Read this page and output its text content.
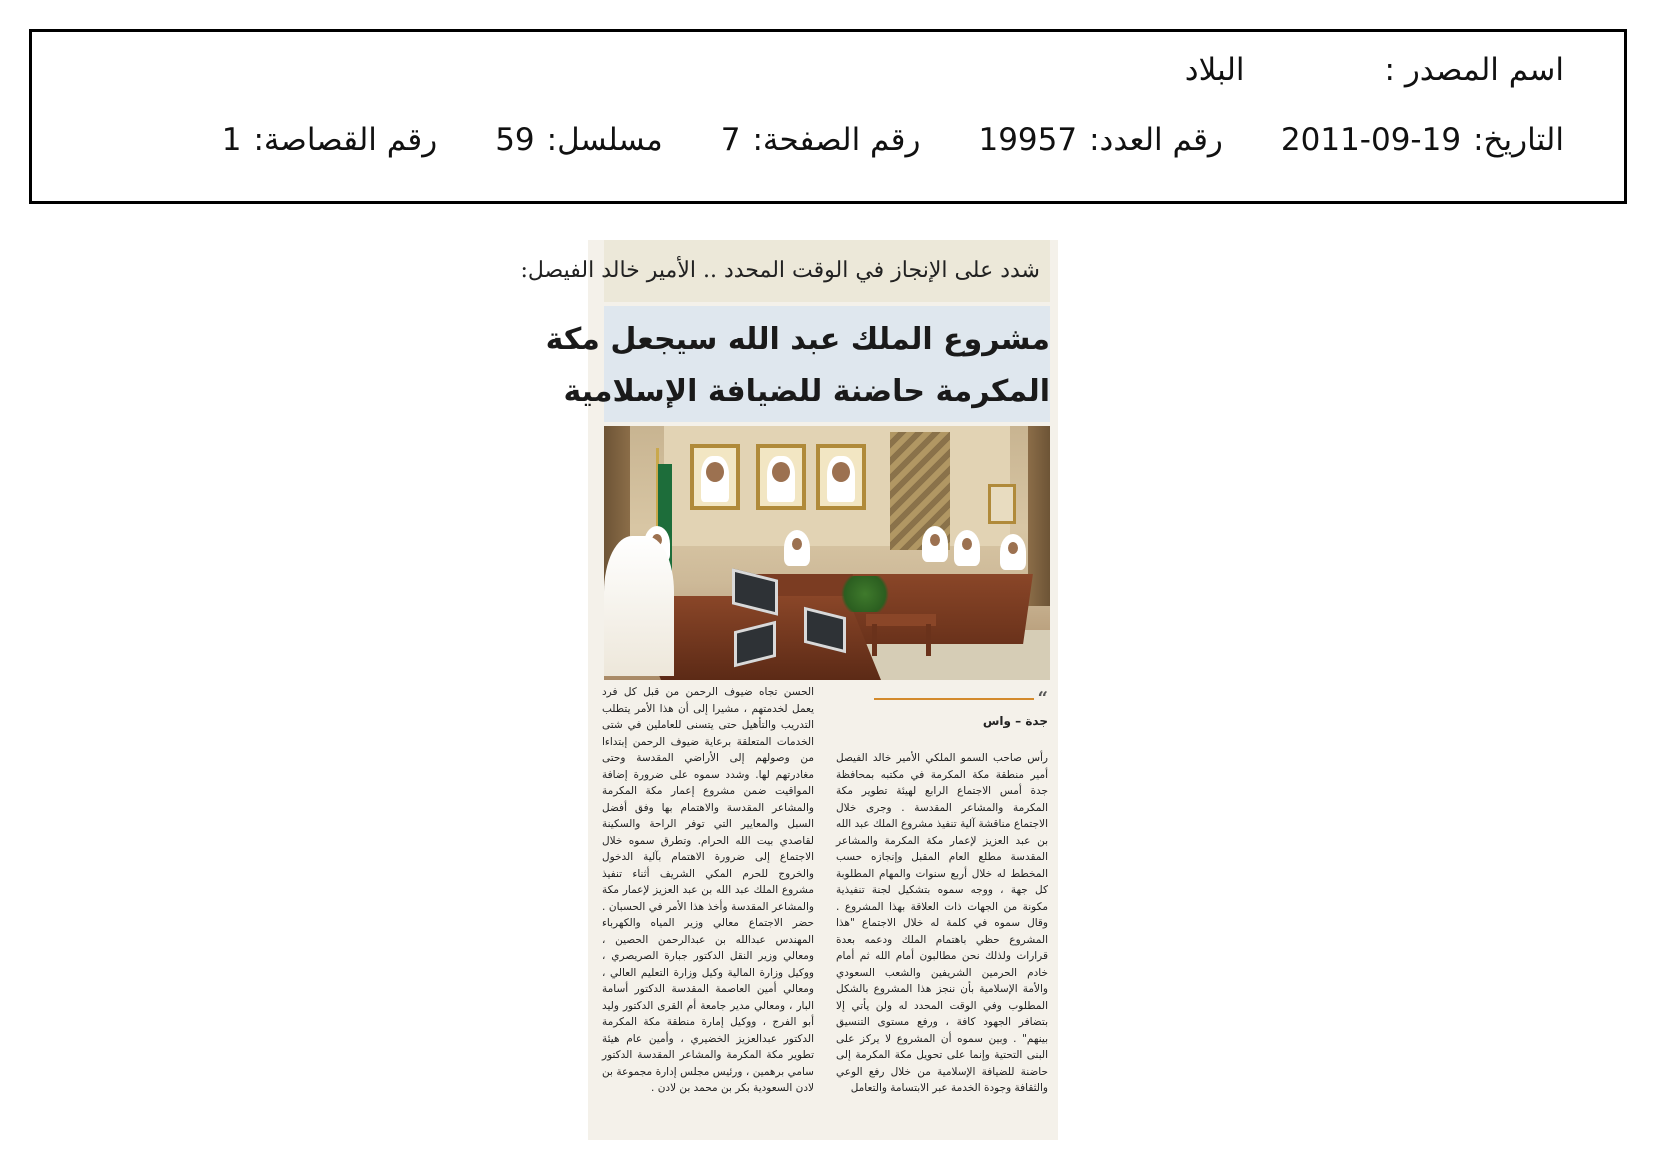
اسم المصدر :
البلاد
التاريخ:
2011-09-19
رقم العدد:
19957
رقم الصفحة:
7
مسلسل:
59
رقم القصاصة:
1
شدد على الإنجاز في الوقت المحدد .. الأمير خالد الفيصل:
مشروع الملك عبد الله سيجعل مكة
المكرمة حاضنة للضيافة الإسلامية
“
جدة – واس

رأس صاحب السمو الملكي الأمير خالد الفيصل أمير منطقة مكة المكرمة في مكتبه بمحافظة جدة أمس الاجتماع الرابع لهيئة تطوير مكة المكرمة والمشاعر المقدسة . وجرى خلال الاجتماع مناقشة آلية تنفيذ مشروع الملك عبد الله بن عبد العزيز لإعمار مكة المكرمة والمشاعر المقدسة مطلع العام المقبل وإنجازه حسب المخطط له خلال أربع سنوات والمهام المطلوبة كل جهة ، ووجه سموه بتشكيل لجنة تنفيذية مكونة من الجهات ذات العلاقة بهذا المشروع . وقال سموه في كلمة له خلال الاجتماع "هذا المشروع حظي باهتمام الملك ودعمه بعدة قرارات ولذلك نحن مطالبون أمام الله ثم أمام خادم الحرمين الشريفين والشعب السعودي والأمة الإسلامية بأن ننجز هذا المشروع بالشكل المطلوب وفي الوقت المحدد له ولن يأتي إلا بتضافر الجهود كافة ، ورفع مستوى التنسيق بينهم" . وبين سموه أن المشروع لا يركز على البنى التحتية وإنما على تحويل مكة المكرمة إلى حاضنة للضيافة الإسلامية من خلال رفع الوعي والثقافة وجودة الخدمة عبر الابتسامة والتعامل

الحسن تجاه ضيوف الرحمن من قبل كل فرد يعمل لخدمتهم ، مشيرا إلى أن هذا الأمر يتطلب التدريب والتأهيل حتى يتسنى للعاملين في شتى الخدمات المتعلقة برعاية ضيوف الرحمن إبتداءا من وصولهم إلى الأراضي المقدسة وحتى مغادرتهم لها. وشدد سموه على ضرورة إضافة المواقيت ضمن مشروع إعمار مكة المكرمة والمشاعر المقدسة والاهتمام بها وفق أفضل السبل والمعايير التي توفر الراحة والسكينة لقاصدي بيت الله الحرام. وتطرق سموه خلال الاجتماع إلى ضرورة الاهتمام بآلية الدخول والخروج للحرم المكي الشريف أثناء تنفيذ مشروع الملك عبد الله بن عبد العزيز لإعمار مكة والمشاعر المقدسة وأخذ هذا الأمر في الحسبان . حضر الاجتماع معالي وزير المياه والكهرباء المهندس عبدالله بن عبدالرحمن الحصين ، ومعالي وزير النقل الدكتور جبارة الصريصري ، ووكيل وزارة المالية وكيل وزارة التعليم العالي ، ومعالي أمين العاصمة المقدسة الدكتور أسامة البار ، ومعالي مدير جامعة أم القرى الدكتور وليد أبو الفرج ، ووكيل إمارة منطقة مكة المكرمة الدكتور عبدالعزيز الخضيري ، وأمين عام هيئة تطوير مكة المكرمة والمشاعر المقدسة الدكتور سامي برهمين ، ورئيس مجلس إدارة مجموعة بن لادن السعودية بكر بن محمد بن لادن .
